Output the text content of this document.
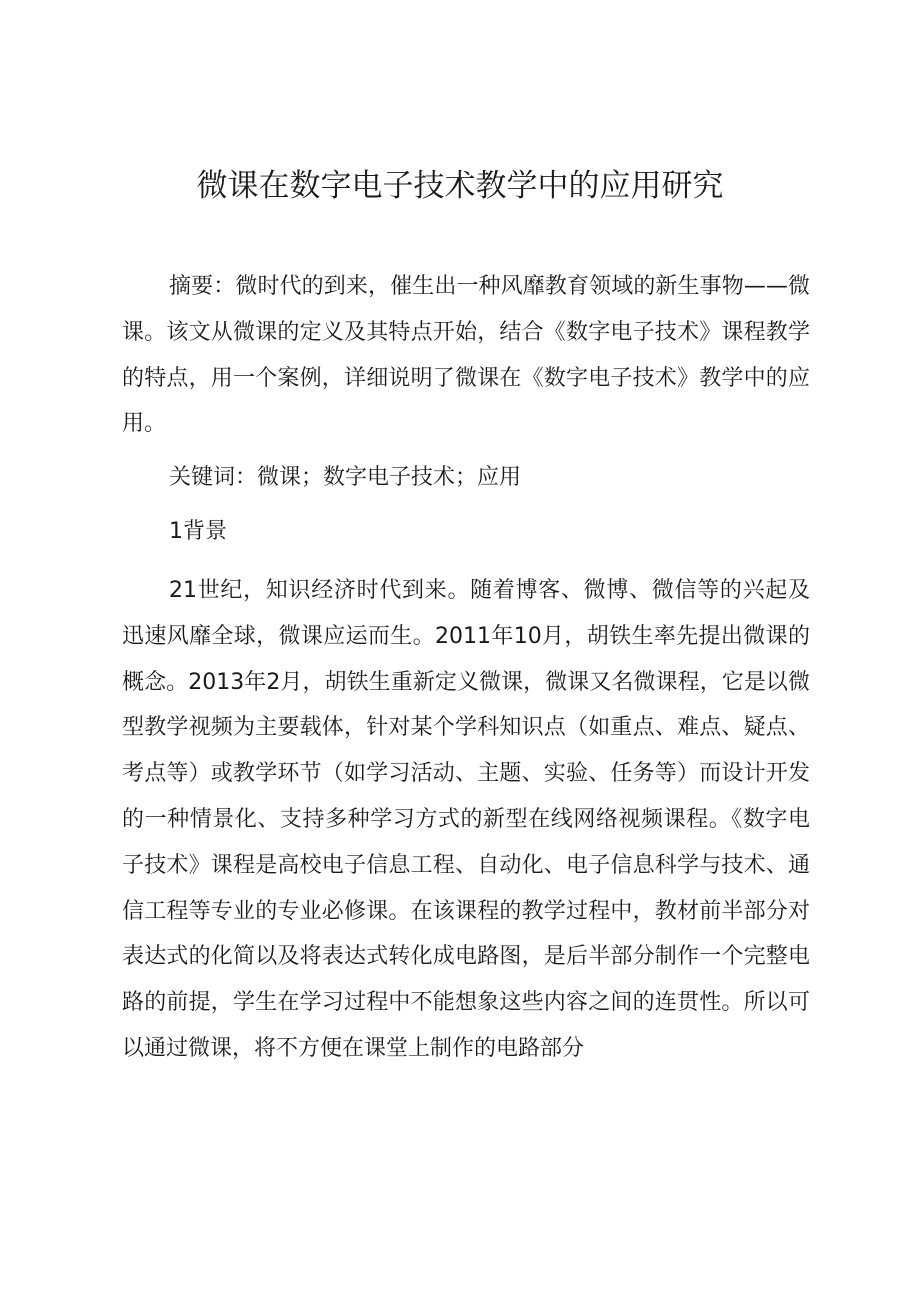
微课在数字电子技术教学中的应用研究

摘要：微时代的到来，催生出一种风靡教育领域的新生事物——微课。该文从微课的定义及其特点开始，结合《数字电子技术》课程教学的特点，用一个案例，详细说明了微课在《数字电子技术》教学中的应用。

关键词：微课；数字电子技术；应用

1背景

21世纪，知识经济时代到来。随着博客、微博、微信等的兴起及迅速风靡全球，微课应运而生。2011年10月，胡铁生率先提出微课的概念。2013年2月，胡铁生重新定义微课，微课又名微课程，它是以微型教学视频为主要载体，针对某个学科知识点（如重点、难点、疑点、考点等）或教学环节（如学习活动、主题、实验、任务等）而设计开发的一种情景化、支持多种学习方式的新型在线网络视频课程。《数字电子技术》课程是高校电子信息工程、自动化、电子信息科学与技术、通信工程等专业的专业必修课。在该课程的教学过程中，教材前半部分对表达式的化简以及将表达式转化成电路图，是后半部分制作一个完整电路的前提，学生在学习过程中不能想象这些内容之间的连贯性。所以可以通过微课，将不方便在课堂上制作的电路部分
